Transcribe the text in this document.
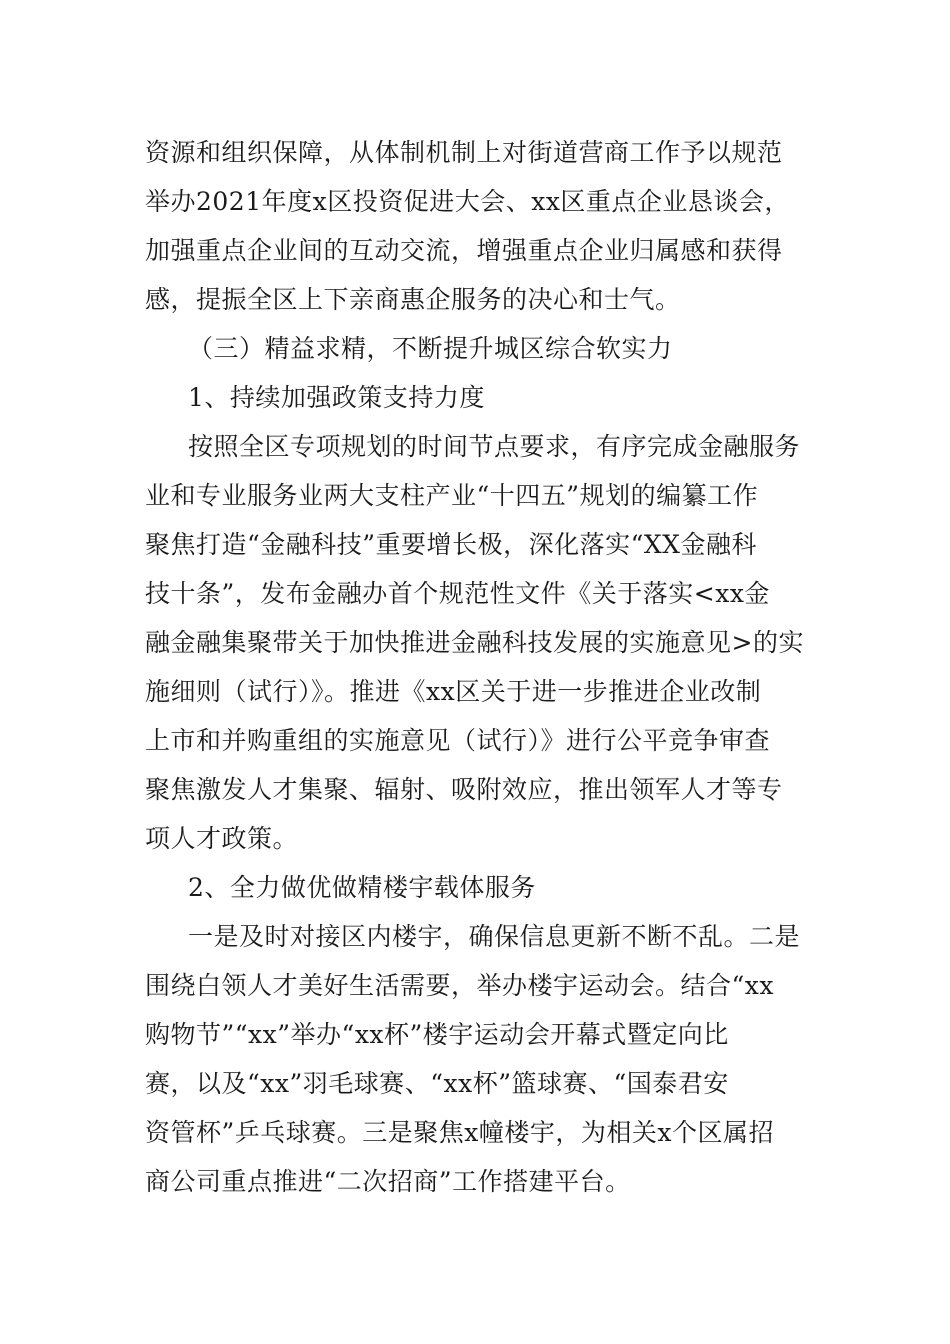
资源和组织保障，从体制机制上对街道营商工作予以规范
举办2021年度x区投资促进大会、xx区重点企业恳谈会，
加强重点企业间的互动交流，增强重点企业归属感和获得
感，提振全区上下亲商惠企服务的决心和士气。
（三）精益求精，不断提升城区综合软实力
1、持续加强政策支持力度
按照全区专项规划的时间节点要求，有序完成金融服务
业和专业服务业两大支柱产业“十四五”规划的编纂工作
聚焦打造“金融科技”重要增长极，深化落实“XX金融科
技十条”，发布金融办首个规范性文件《关于落实<xx金
融金融集聚带关于加快推进金融科技发展的实施意见>的实
施细则（试行）》。推进《xx区关于进一步推进企业改制
上市和并购重组的实施意见（试行）》进行公平竞争审查
聚焦激发人才集聚、辐射、吸附效应，推出领军人才等专
项人才政策。
2、全力做优做精楼宇载体服务
一是及时对接区内楼宇，确保信息更新不断不乱。二是
围绕白领人才美好生活需要，举办楼宇运动会。结合“xx
购物节”“xx”举办“xx杯”楼宇运动会开幕式暨定向比
赛，以及“xx”羽毛球赛、“xx杯”篮球赛、“国泰君安
资管杯”乒乓球赛。三是聚焦x幢楼宇，为相关x个区属招
商公司重点推进“二次招商”工作搭建平台。
